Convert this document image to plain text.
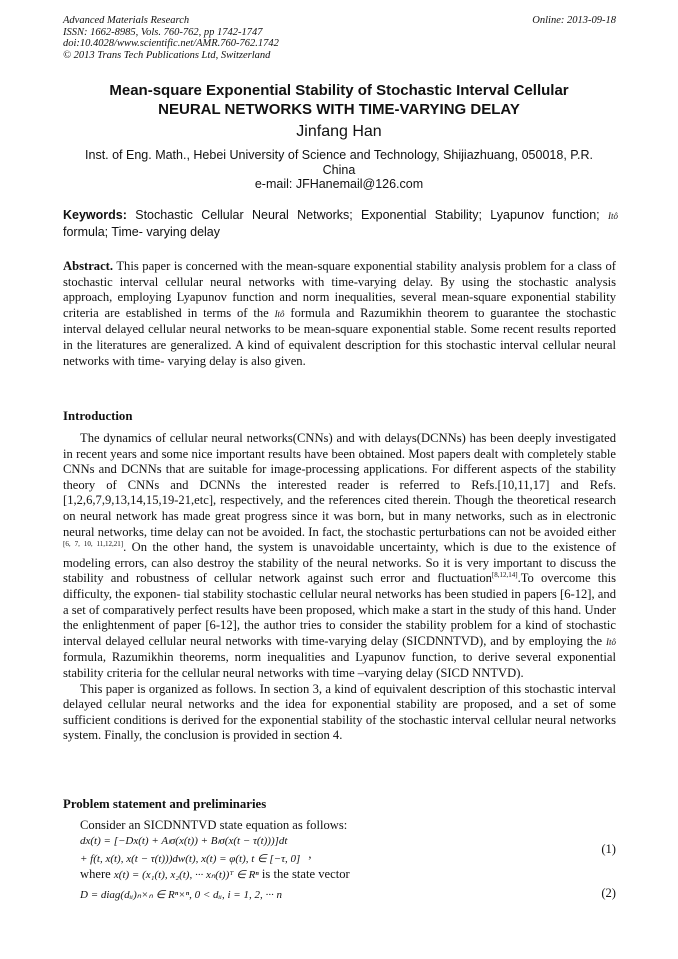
Advanced Materials Research
ISSN: 1662-8985, Vols. 760-762, pp 1742-1747
doi:10.4028/www.scientific.net/AMR.760-762.1742
© 2013 Trans Tech Publications Ltd, Switzerland
Online: 2013-09-18
Mean-square Exponential Stability of Stochastic Interval Cellular
NEURAL NETWORKS WITH TIME-VARYING DELAY
Jinfang Han
Inst. of Eng. Math., Hebei University of Science and Technology, Shijiazhuang, 050018, P.R. China
e-mail: JFHanemail@126.com
Keywords: Stochastic Cellular Neural Networks; Exponential Stability; Lyapunov function; Itô formula; Time- varying delay
Abstract. This paper is concerned with the mean-square exponential stability analysis problem for a class of stochastic interval cellular neural networks with time-varying delay. By using the stochastic analysis approach, employing Lyapunov function and norm inequalities, several mean-square exponential stability criteria are established in terms of the Itô formula and Razumikhin theorem to guarantee the stochastic interval delayed cellular neural networks to be mean-square exponential stable. Some recent results reported in the literatures are generalized. A kind of equivalent description for this stochastic interval cellular neural networks with time- varying delay is also given.
Introduction
The dynamics of cellular neural networks(CNNs) and with delays(DCNNs) has been deeply investigated in recent years and some nice important results have been obtained. Most papers dealt with completely stable CNNs and DCNNs that are suitable for image-processing applications. For different aspects of the stability theory of CNNs and DCNNs the interested reader is referred to Refs.[10,11,17] and Refs.[1,2,6,7,9,13,14,15,19-21,etc], respectively, and the references cited therein. Though the theoretical research on neural network has made great progress since it was born, but in many networks, such as in electronic neural networks, time delay can not be avoided. In fact, the stochastic perturbations can not be avoided either [6, 7, 10, 11,12,21]. On the other hand, the system is unavoidable uncertainty, which is due to the existence of modeling errors, can also destroy the stability of the neural networks. So it is very important to discuss the stability and robustness of cellular network against such error and fluctuation[8,12,14].To overcome this difficulty, the exponen- tial stability stochastic cellular neural networks has been studied in papers [6-12], and a set of comparatively perfect results have been proposed, which make a start in the study of this hand. Under the enlightenment of paper [6-12], the author tries to consider the stability problem for a kind of stochastic interval delayed cellular neural networks with time-varying delay (SICDNNTVD), and by employing the Itô formula, Razumikhin theorems, norm inequalities and Lyapunov function, to derive several exponential stability criteria for the cellular neural networks with time –varying delay (SICD NNTVD).
This paper is organized as follows. In section 3, a kind of equivalent description of this stochastic interval delayed cellular neural networks and the idea for exponential stability are proposed, and a set of some sufficient conditions is derived for the exponential stability of the stochastic interval cellular neural networks system. Finally, the conclusion is provided in section 4.
Problem statement and preliminaries
Consider an SICDNNTVD state equation as follows:
dx(t) = [−Dx(t) + Aₗσ(x(t)) + Bₗσ(x(t − τ(t)))]dt
+ f(t, x(t), x(t − τ(t)))dw(t), x(t) = φ(t), t ∈ [−τ, 0] ,	(1)
where x(t) = (x₁(t), x₂(t), ··· xₙ(t))ᵀ ∈ Rⁿ is the state vector
D = diag(dᵢᵢ)ₙ×ₙ ∈ Rⁿ×ⁿ, 0 < dᵢᵢ, i = 1, 2, ··· n	(2)
